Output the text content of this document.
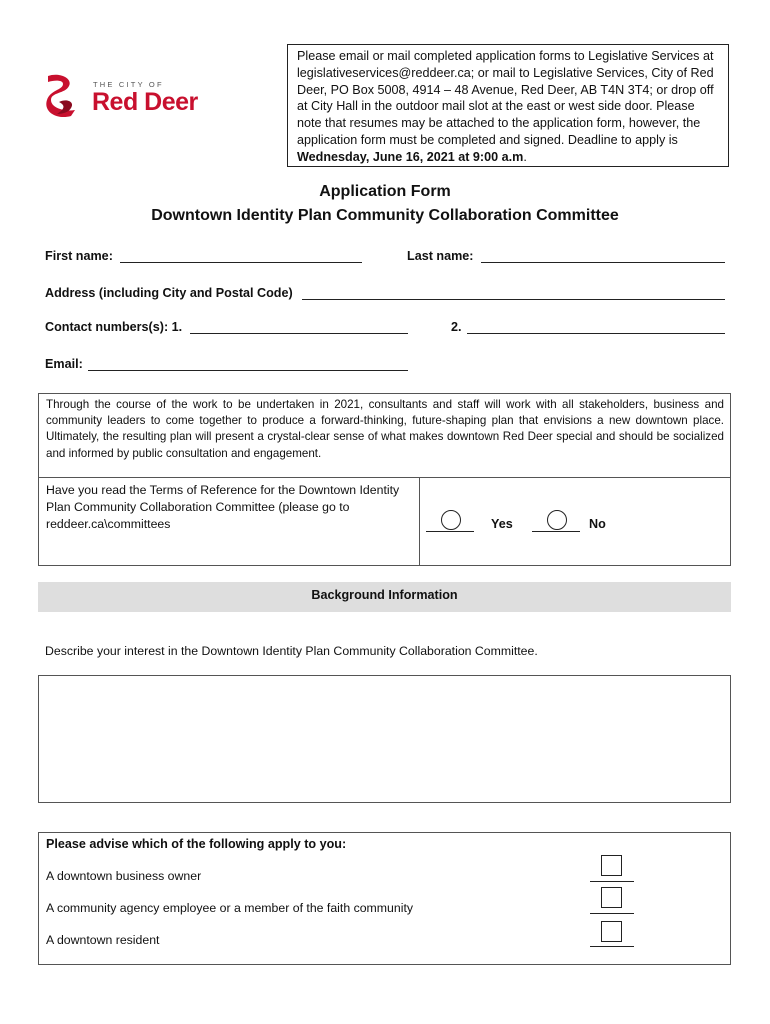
THE CITY OF
Red Deer
Please email or mail completed application forms to Legislative Services at legislativeservices@reddeer.ca; or mail to Legislative Services, City of Red Deer, PO Box 5008, 4914 – 48 Avenue, Red Deer, AB T4N 3T4; or drop off at City Hall in the outdoor mail slot at the east or west side door. Please note that resumes may be attached to the application form, however, the application form must be completed and signed. Deadline to apply is Wednesday, June 16, 2021 at 9:00 a.m.
Application Form
Downtown Identity Plan Community Collaboration Committee
First name:	Last name:
Address (including City and Postal Code)
Contact numbers(s): 1.	2.
Email:
Through the course of the work to be undertaken in 2021, consultants and staff will work with all stakeholders, business and community leaders to come together to produce a forward-thinking, future-shaping plan that envisions a new downtown place. Ultimately, the resulting plan will present a crystal-clear sense of what makes downtown Red Deer special and should be socialized and informed by public consultation and engagement.
Have you read the Terms of Reference for the Downtown Identity Plan Community Collaboration Committee (please go to reddeer.ca\committees	Yes	No
Background Information
Describe your interest in the Downtown Identity Plan Community Collaboration Committee.
Please advise which of the following apply to you:
A downtown business owner
A community agency employee or a member of the faith community
A downtown resident
